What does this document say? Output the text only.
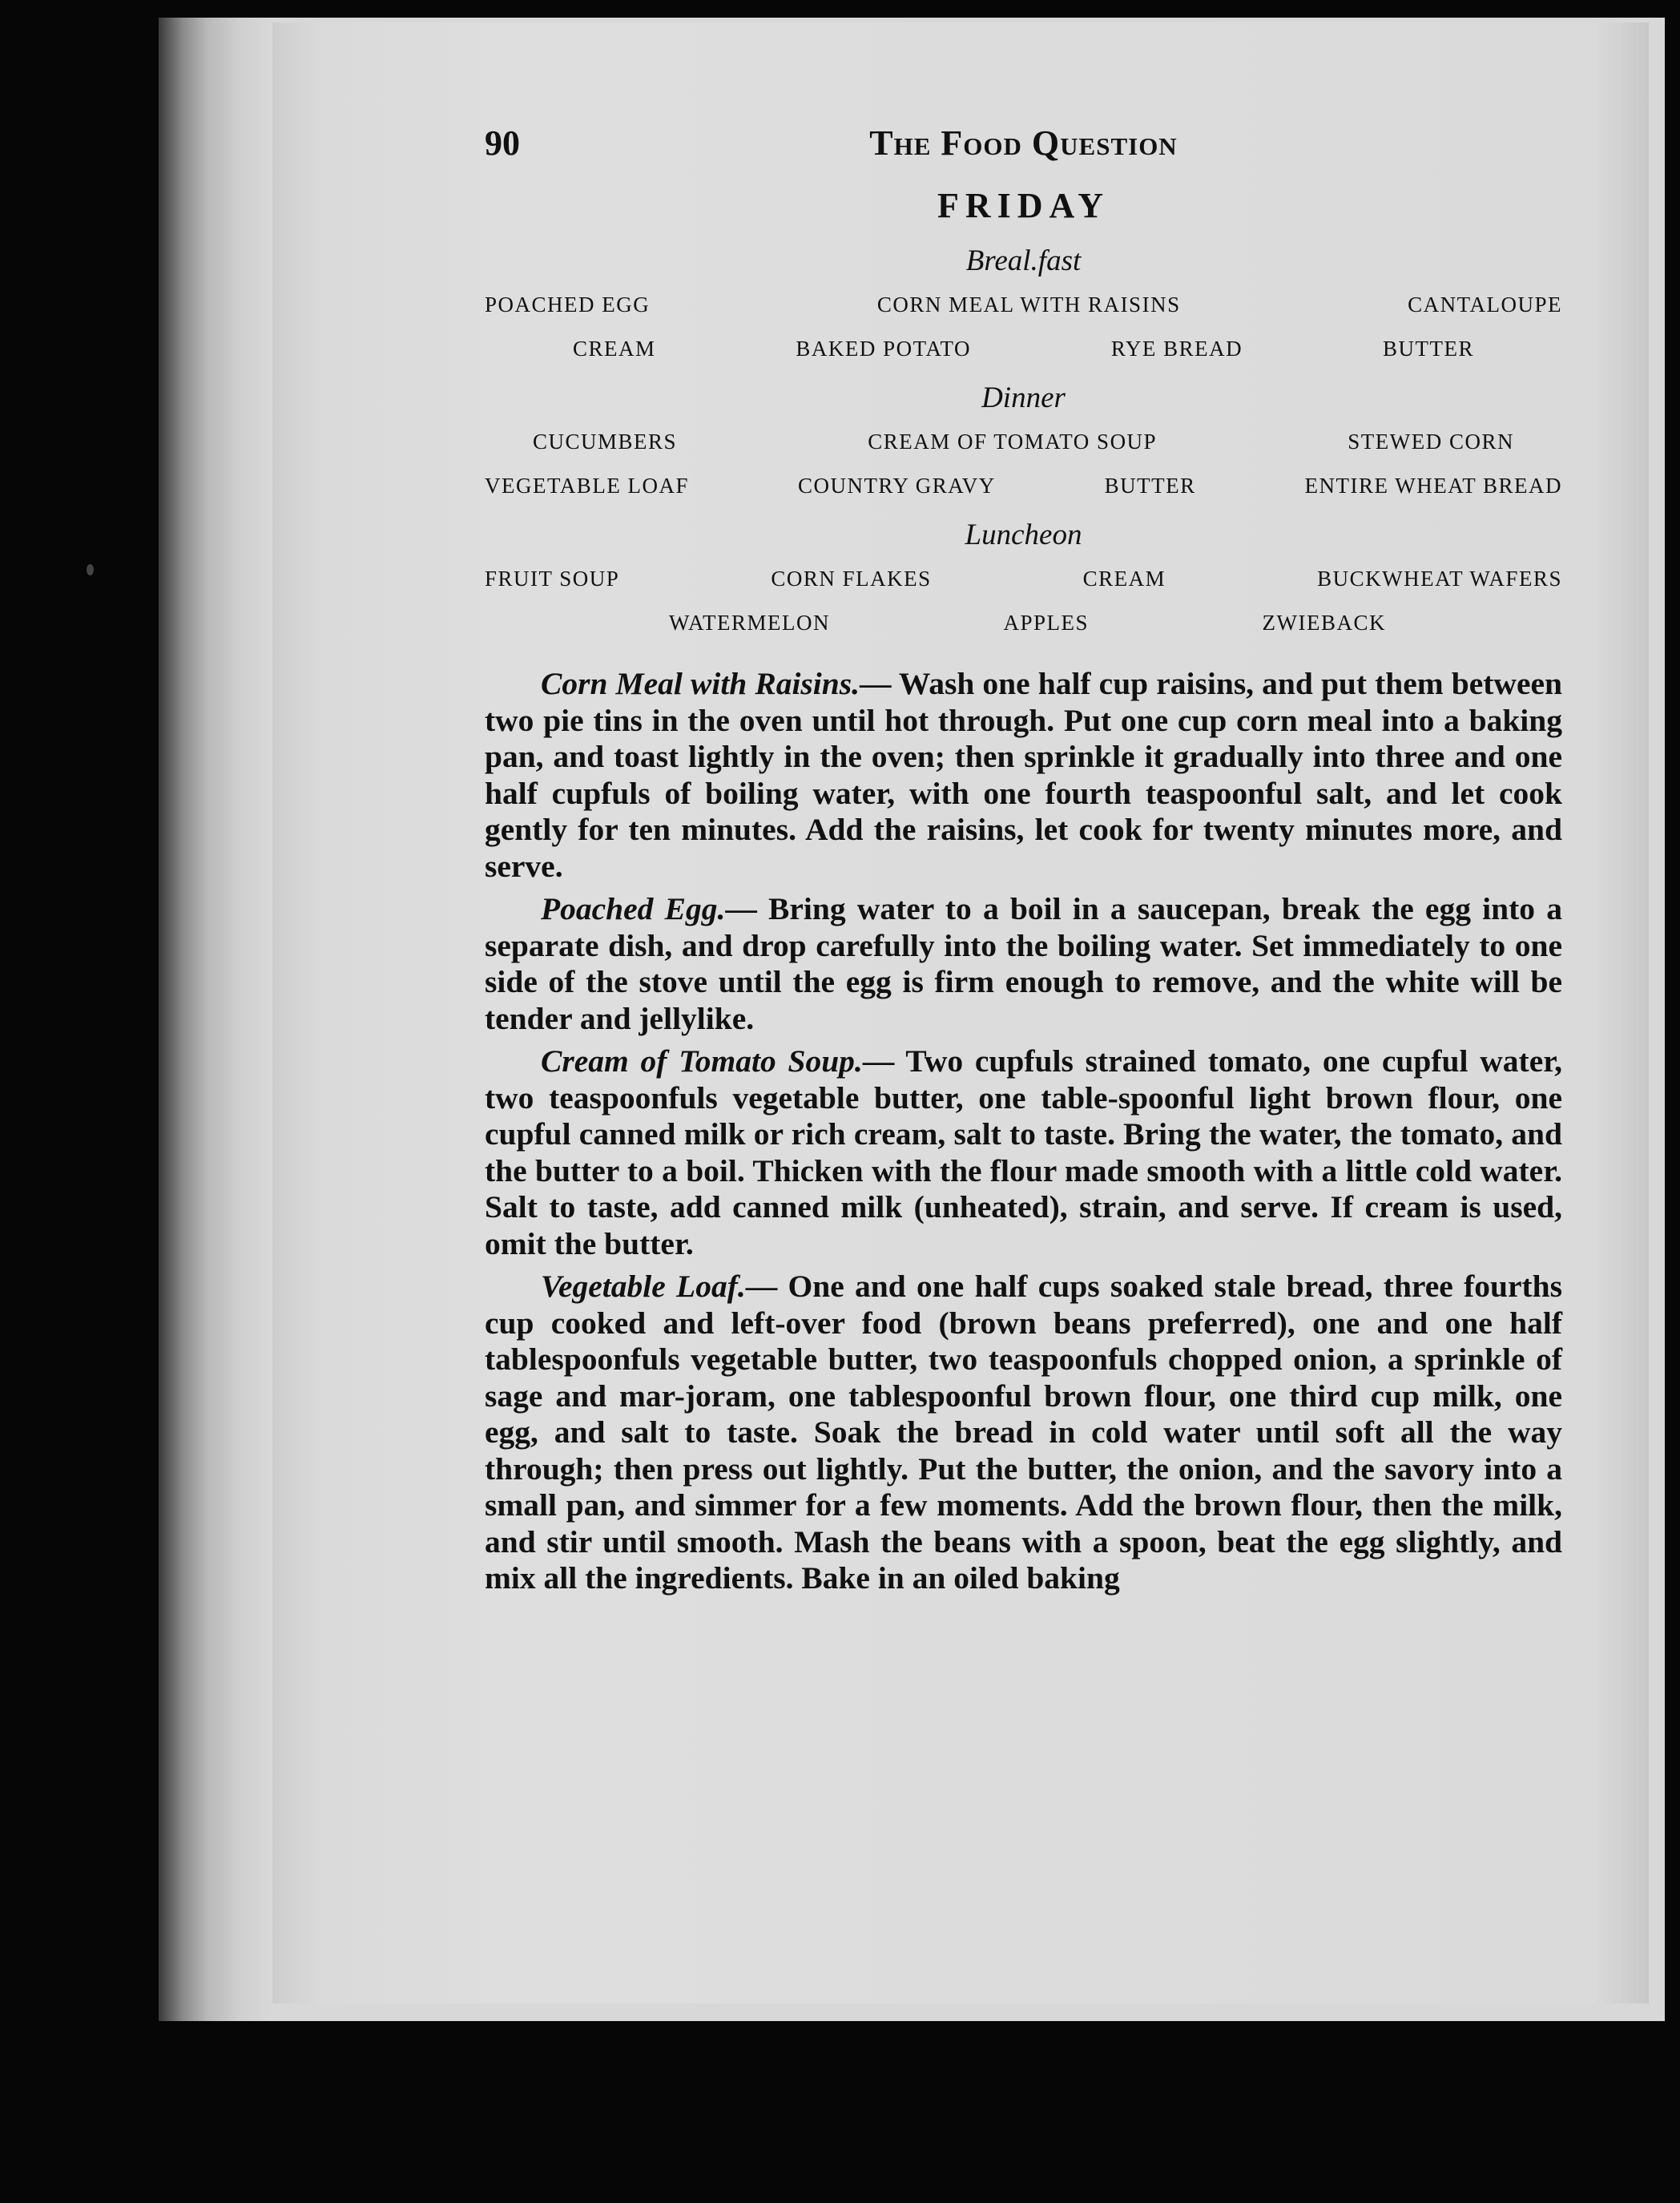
90	The Food Question
FRIDAY
Breal.fast
POACHED EGG	CORN MEAL WITH RAISINS	CANTALOUPE
CREAM	BAKED POTATO	RYE BREAD	BUTTER
Dinner
CUCUMBERS	CREAM OF TOMATO SOUP	STEWED CORN
VEGETABLE LOAF	COUNTRY GRAVY	BUTTER	ENTIRE WHEAT BREAD
Luncheon
FRUIT SOUP	CORN FLAKES	CREAM	BUCKWHEAT WAFERS
WATERMELON	APPLES	ZWIEBACK

Corn Meal with Raisins.— Wash one half cup raisins, and put them between two pie tins in the oven until hot through. Put one cup corn meal into a baking pan, and toast lightly in the oven; then sprinkle it gradually into three and one half cupfuls of boiling water, with one fourth teaspoonful salt, and let cook gently for ten minutes. Add the raisins, let cook for twenty minutes more, and serve.

Poached Egg.— Bring water to a boil in a saucepan, break the egg into a separate dish, and drop carefully into the boiling water. Set immediately to one side of the stove until the egg is firm enough to remove, and the white will be tender and jellylike.

Cream of Tomato Soup.— Two cupfuls strained tomato, one cupful water, two teaspoonfuls vegetable butter, one table-spoonful light brown flour, one cupful canned milk or rich cream, salt to taste. Bring the water, the tomato, and the butter to a boil. Thicken with the flour made smooth with a little cold water. Salt to taste, add canned milk (unheated), strain, and serve. If cream is used, omit the butter.

Vegetable Loaf.— One and one half cups soaked stale bread, three fourths cup cooked and left-over food (brown beans preferred), one and one half tablespoonfuls vegetable butter, two teaspoonfuls chopped onion, a sprinkle of sage and mar-joram, one tablespoonful brown flour, one third cup milk, one egg, and salt to taste. Soak the bread in cold water until soft all the way through; then press out lightly. Put the butter, the onion, and the savory into a small pan, and simmer for a few moments. Add the brown flour, then the milk, and stir until smooth. Mash the beans with a spoon, beat the egg slightly, and mix all the ingredients. Bake in an oiled baking
